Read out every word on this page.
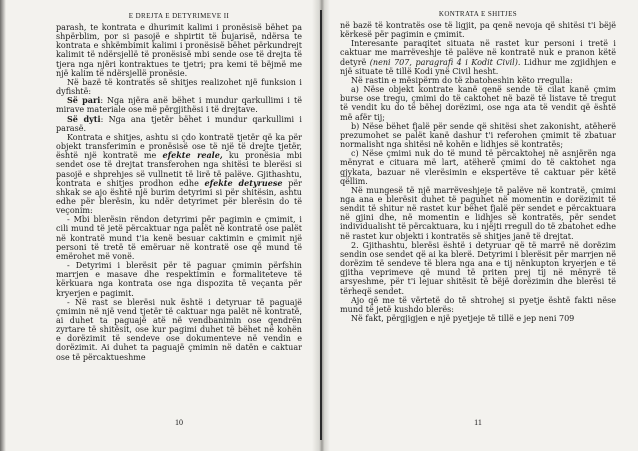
E DREJTA E DETYRIMEVE II

parash, te kontrata e dhurimit kalimi i pronësisë bëhet pa shpërblim, por si pasojë e shpirtit të bujarisë, ndërsa te kontrata e shkëmbimit kalimi i pronësisë bëhet përkundrejt kalimit të ndërsjellë të pronësisë mbi sende ose të drejta të tjera nga njëri kontraktues te tjetri; pra kemi të bëjmë me një kalim të ndërsjellë pronësie.

Në bazë të kontratës së shitjes realizohet një funksion i dyfishtë:

Së pari: Nga njëra anë bëhet i mundur qarkullimi i të mirave materiale ose më përgjithësi i të drejtave.

Së dyti: Nga ana tjetër bëhet i mundur qarkullimi i parasë.

Kontrata e shitjes, ashtu si çdo kontratë tjetër që ka për objekt transferimin e pronësisë ose të një të drejte tjetër, është një kontratë me efekte reale, ku pronësia mbi sendet ose të drejtat transferohen nga shitësi te blerësi si pasojë e shprehjes së vullnetit të lirë të palëve. Gjithashtu, kontrata e shitjes prodhon edhe efekte detyruese për shkak se ajo është një burim detyrimi si për shitësin, ashtu edhe për blerësin, ku ndër detyrimet për blerësin do të veçonim:

- Mbi blerësin rëndon detyrimi për pagimin e çmimit, i cili mund të jetë përcaktuar nga palët në kontratë ose palët në kontratë mund t'ia kenë besuar caktimin e çmimit një personi të tretë të emëruar në kontratë ose që mund të emërohet më vonë.

- Detyrimi i blerësit për të paguar çmimin përfshin marrjen e masave dhe respektimin e formaliteteve të kërkuara nga kontrata ose nga dispozita të veçanta për kryerjen e pagimit.

- Në rast se blerësi nuk është i detyruar të paguajë çmimin në një vend tjetër të caktuar nga palët në kontratë, ai duhet ta paguajë atë në vendbanimin ose qendrën zyrtare të shitësit, ose kur pagimi duhet të bëhet në kohën e dorëzimit të sendeve ose dokumenteve në vendin e dorëzimit. Ai duhet ta paguajë çmimin në datën e caktuar ose të përcaktueshme

10
KONTRATA E SHITJES

në bazë të kontratës ose të ligjit, pa qenë nevoja që shitësi t'i bëjë kërkesë për pagimin e çmimit.

Interesante paraqitet situata në rastet kur personi i tretë i caktuar me marrëveshje të palëve në kontratë nuk e pranon këtë detyrë (neni 707, paragrafi 4 i Kodit Civil). Lidhur me zgjidhjen e një situate të tillë Kodi ynë Civil hesht.

Në rastin e mësipërm do të zbatoheshin këto rregulla:

a) Nëse objekt kontrate kanë qenë sende të cilat kanë çmim burse ose tregu, çmimi do të caktohet në bazë të listave të tregut të vendit ku do të bëhej dorëzimi, ose nga ata të vendit që është më afër tij;

b) Nëse bëhet fjalë për sende që shitësi shet zakonisht, atëherë prezumohet se palët kanë dashur t'i referohen çmimit të zbatuar normalisht nga shitësi në kohën e lidhjes së kontratës;

c) Nëse çmimi nuk do të mund të përcaktohej në asnjërën nga mënyrat e cituara më lart, atëherë çmimi do të caktohet nga gjykata, bazuar në vlerësimin e ekspertëve të caktuar për këtë qëllim.

Në mungesë të një marrëveshjeje të palëve në kontratë, çmimi nga ana e blerësit duhet të paguhet në momentin e dorëzimit të sendit të shitur në rastet kur bëhet fjalë për sendet e përcaktuara në gjini dhe, në momentin e lidhjes së kontratës, për sendet individualisht të përcaktuara, ku i njëjti rregull do të zbatohet edhe në rastet kur objekti i kontratës së shitjes janë të drejtat.

2. Gjithashtu, blerësi është i detyruar që të marrë në dorëzim sendin ose sendet që ai ka blerë. Detyrimi i blerësit për marrjen në dorëzim të sendeve të blera nga ana e tij nënkupton kryerjen e të gjitha veprimeve që mund të priten prej tij në mënyrë të arsyeshme, për t'i lejuar shitësit të bëjë dorëzimin dhe blerësi të tërheqë sendet.

Ajo që me të vërtetë do të shtrohej si pyetje është fakti nëse mund të jetë kushdo blerës:

Në fakt, përgjigjen e një pyetjeje të tillë e jep neni 709

11
